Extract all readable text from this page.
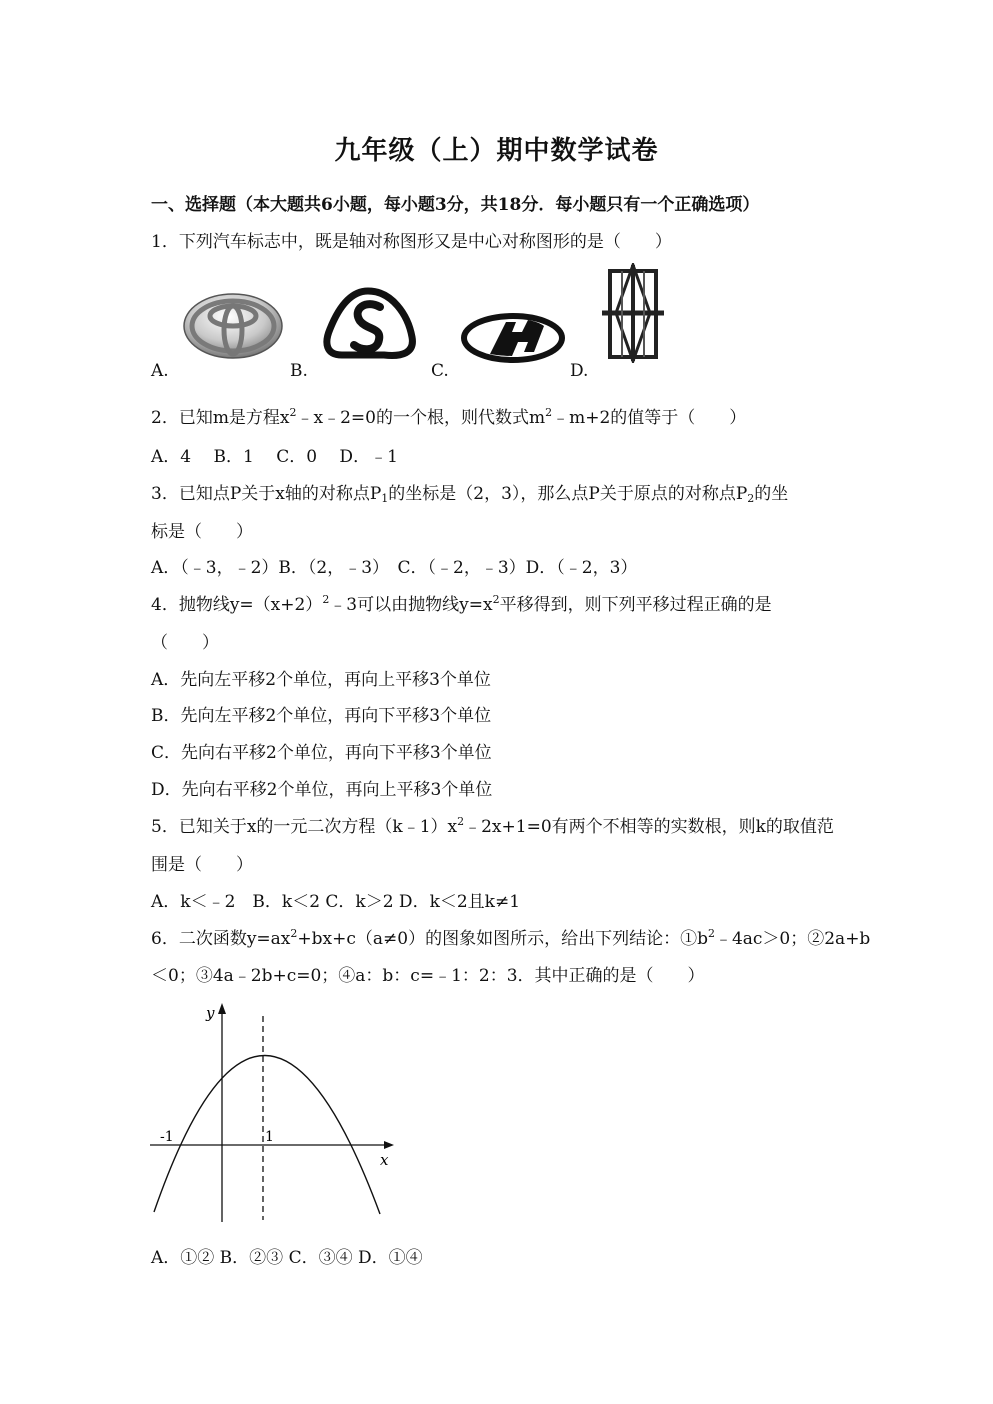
九年级（上）期中数学试卷
一、选择题（本大题共6小题，每小题3分，共18分．每小题只有一个正确选项）
1．下列汽车标志中，既是轴对称图形又是中心对称图形的是（　　）
A.	B.	C.	D.
2．已知m是方程$x^2﹣x﹣2=0$的一个根，则代数式$m^2﹣m+2$的值等于（　　）
A．4　 B．1　 C．0　 D．﹣1
3．已知点P关于x轴的对称点$P_1$的坐标是（2，3），那么点P关于原点的对称点$P_2$的坐
标是（　　）
A．（﹣3，﹣2）B．（2，﹣3）　C．（﹣2，﹣3）D．（﹣2，3）
4．抛物线$y=(x+2)^2﹣3$可以由抛物线$y=x^2$平移得到，则下列平移过程正确的是
（　　）
A．先向左平移2个单位，再向上平移3个单位
B．先向左平移2个单位，再向下平移3个单位
C．先向右平移2个单位，再向下平移3个单位
D．先向右平移2个单位，再向上平移3个单位
5．已知关于x的一元二次方程$(k﹣1)x^2﹣2x+1=0$有两个不相等的实数根，则k的取值范
围是（　　）
A．k＜﹣2　B．k＜2 C．k＞2 D．k＜2且k≠1
6．二次函数$y=ax^2+bx+c(a\ne 0)$的图象如图所示，给出下列结论：$①b^2﹣4ac>0$；②2a+b
＜0；③4a﹣2b+c=0；④a：b：c=﹣1：2：3．其中正确的是（　　）
y
x
-1	1
A．①② B．②③ C．③④ D．①④
